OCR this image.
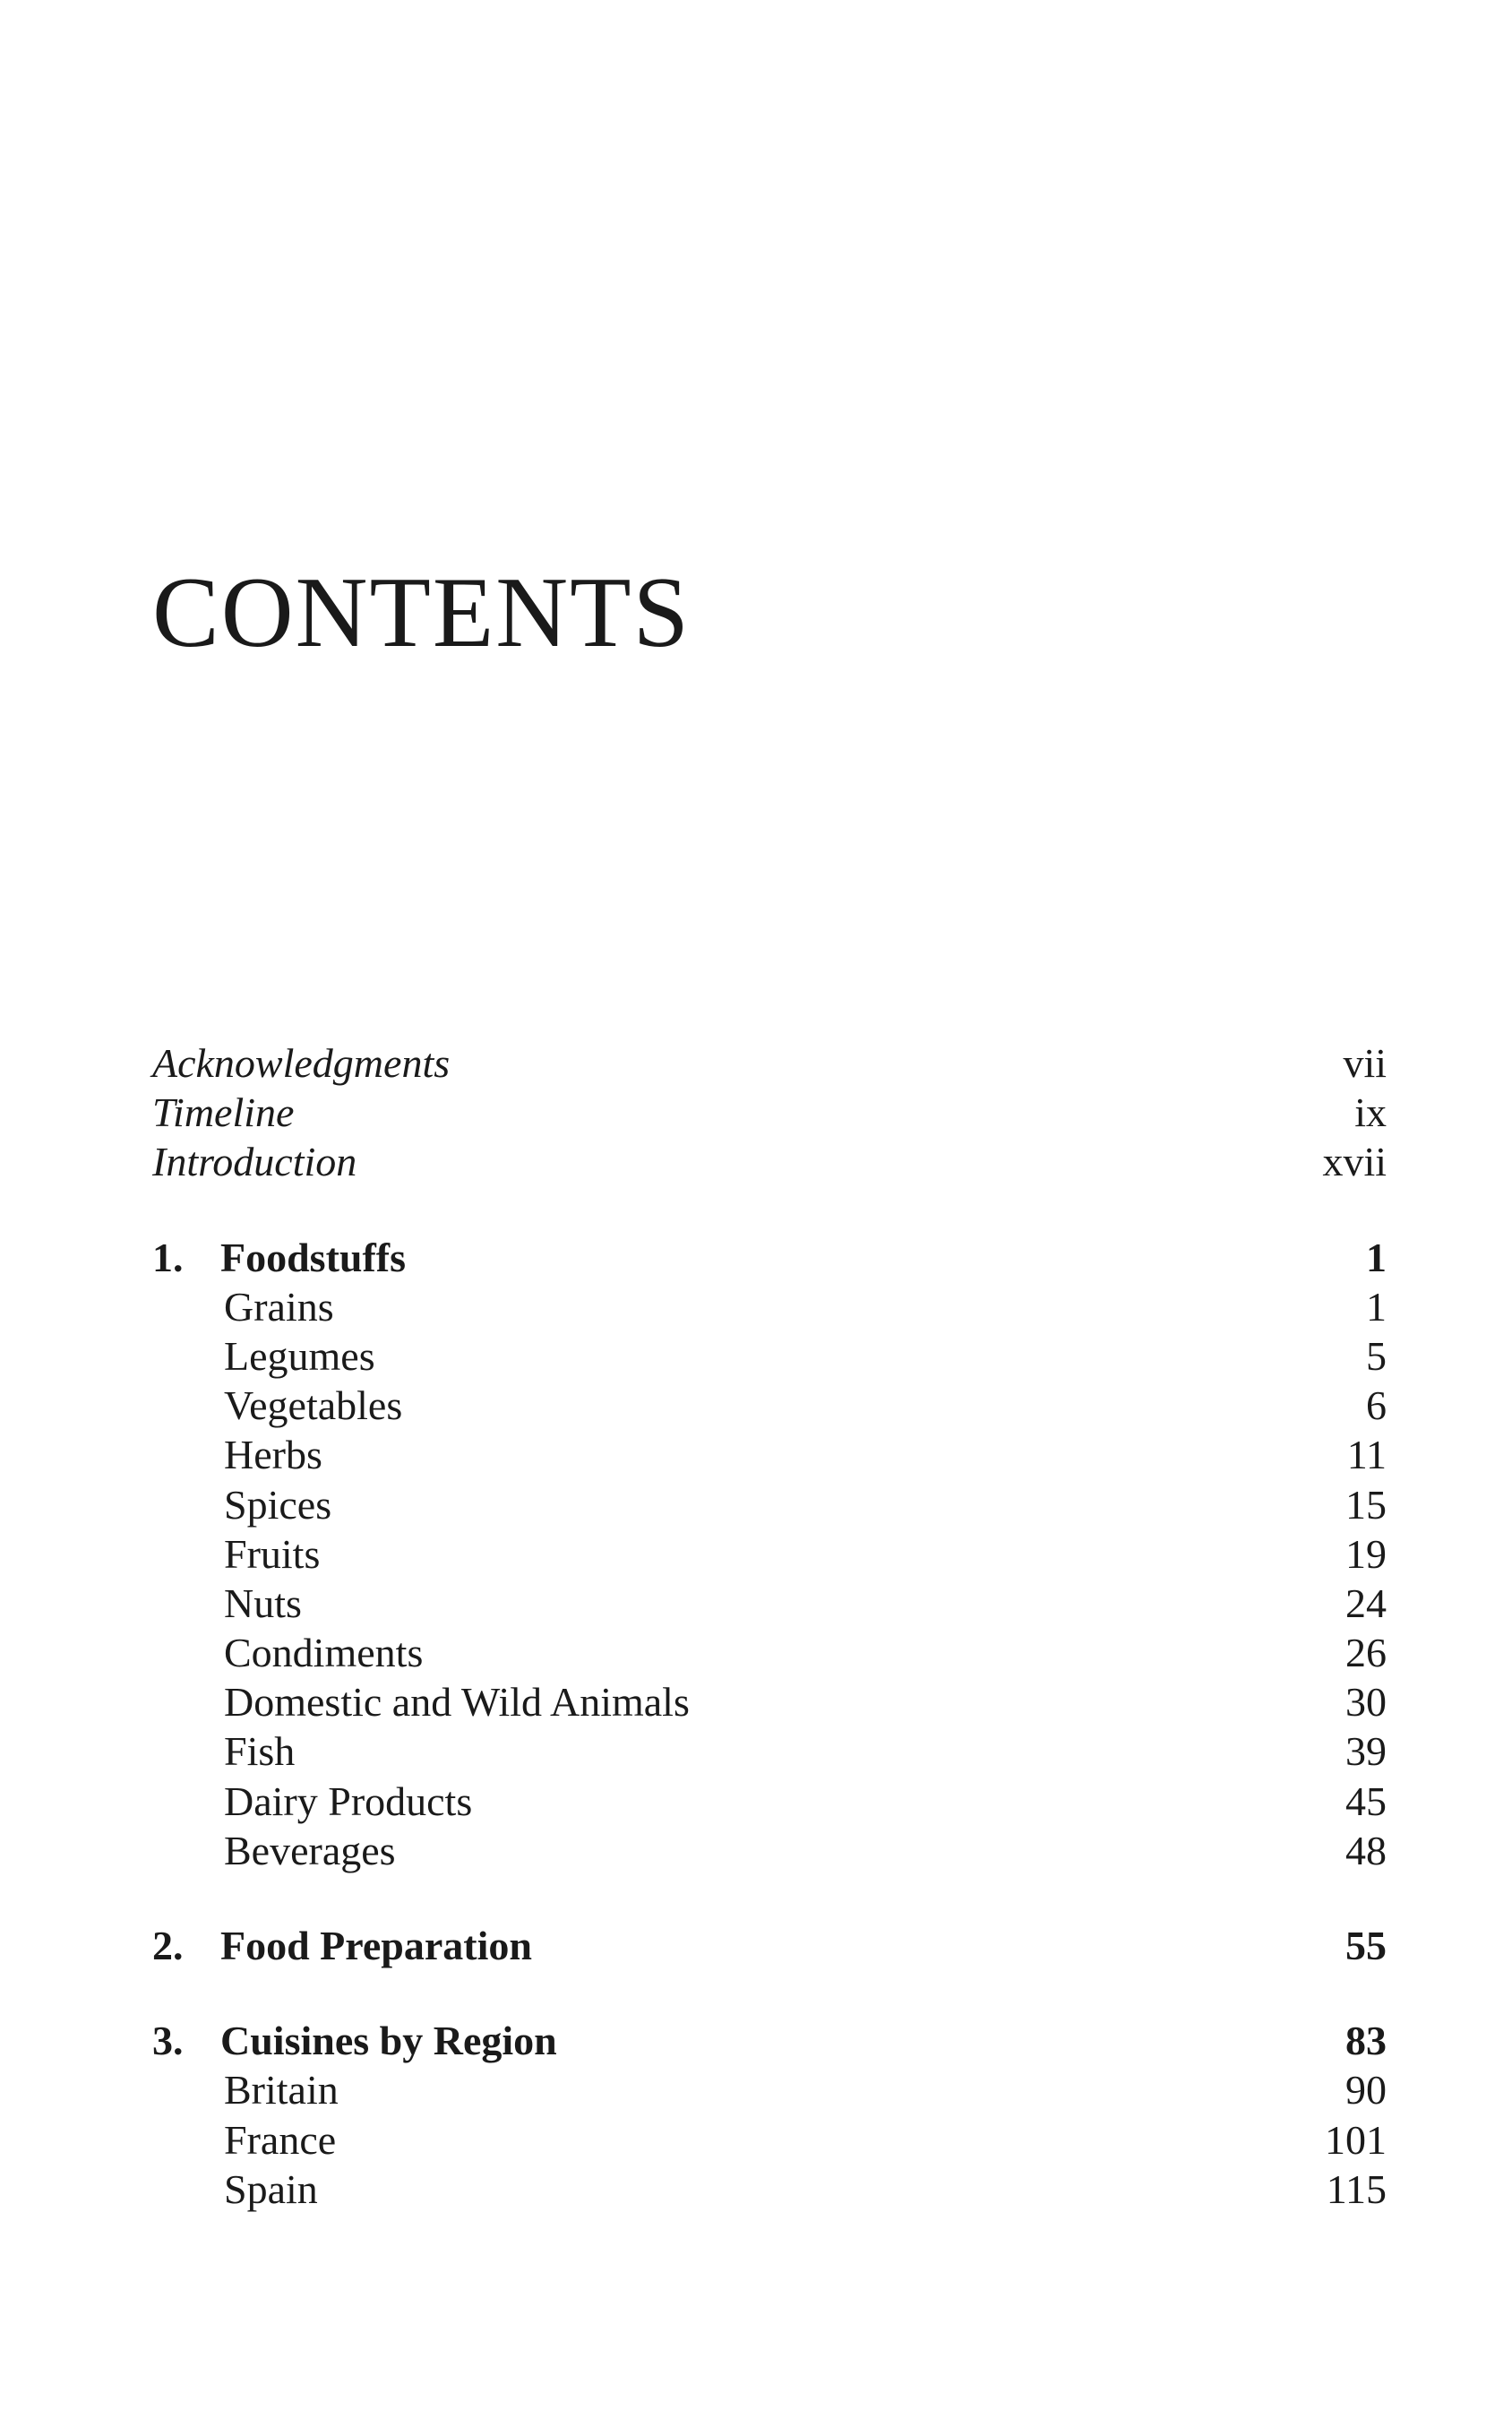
CONTENTS
Acknowledgments	vii
Timeline	ix
Introduction	xvii
1. Foodstuffs	1
Grains	1
Legumes	5
Vegetables	6
Herbs	11
Spices	15
Fruits	19
Nuts	24
Condiments	26
Domestic and Wild Animals	30
Fish	39
Dairy Products	45
Beverages	48
2. Food Preparation	55
3. Cuisines by Region	83
Britain	90
France	101
Spain	115
